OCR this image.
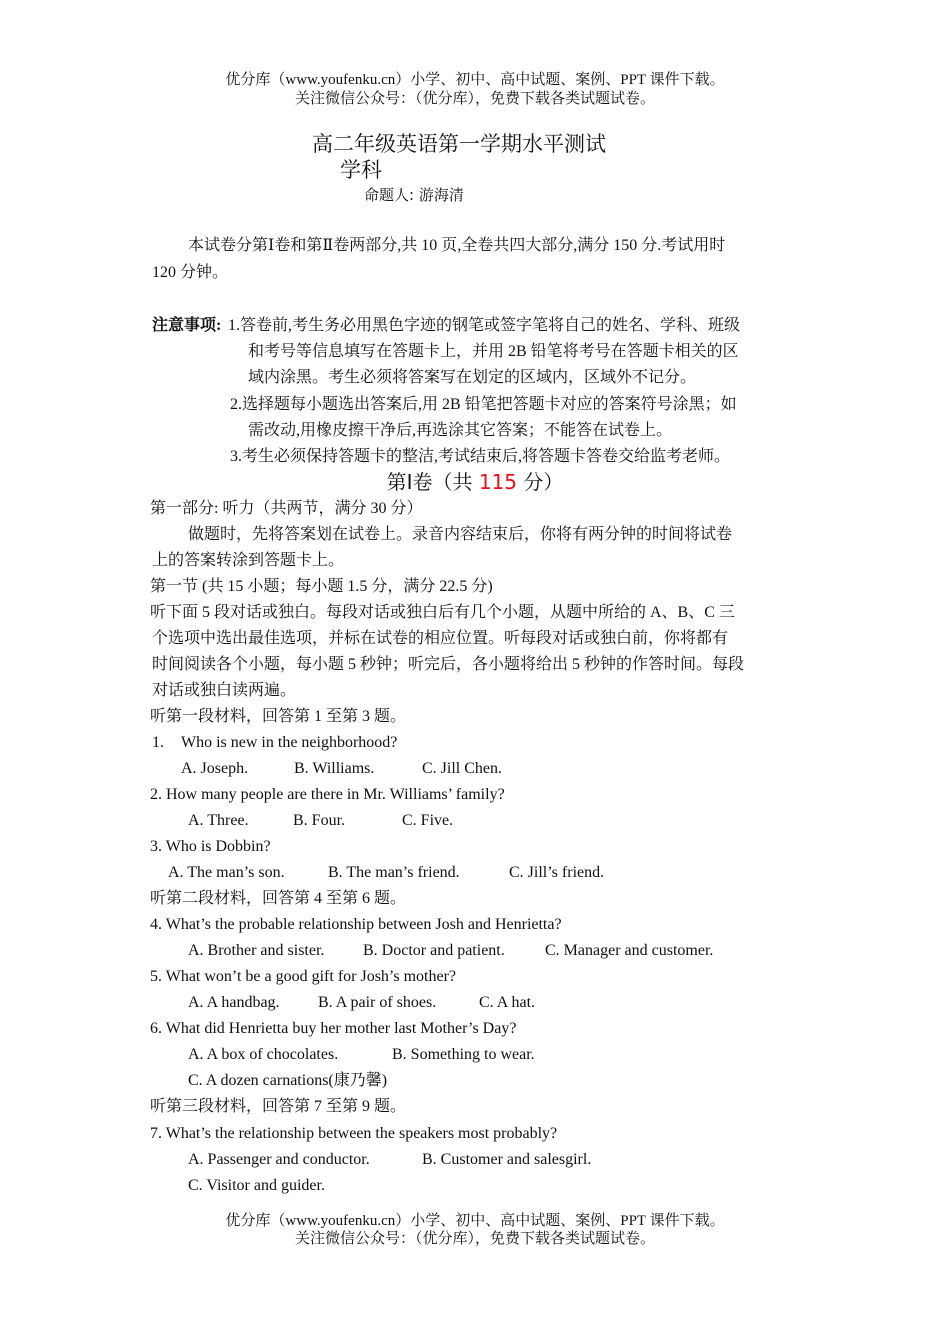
优分库（www.youfenku.cn）小学、初中、高中试题、案例、PPT 课件下载。
关注微信公众号：（优分库），免费下载各类试题试卷。
高二年级英语第一学期水平测试
学科
命题人: 游海清
本试卷分第Ⅰ卷和第Ⅱ卷两部分,共 10 页,全卷共四大部分,满分 150 分.考试用时
120 分钟。
注意事项: 1.答卷前,考生务必用黑色字迹的钢笔或签字笔将自己的姓名、学科、班级
和考号等信息填写在答题卡上，并用 2B 铅笔将考号在答题卡相关的区
域内涂黑。考生必须将答案写在划定的区域内，区域外不记分。
2.选择题每小题选出答案后,用 2B 铅笔把答题卡对应的答案符号涂黑；如
需改动,用橡皮擦干净后,再选涂其它答案；不能答在试卷上。
3.考生必须保持答题卡的整洁,考试结束后,将答题卡答卷交给监考老师。
第Ⅰ卷（共 115 分）
第一部分: 听力（共两节，满分 30 分）
做题时，先将答案划在试卷上。录音内容结束后，你将有两分钟的时间将试卷
上的答案转涂到答题卡上。
第一节 (共 15 小题；每小题 1.5 分，满分 22.5 分)
听下面 5 段对话或独白。每段对话或独白后有几个小题，从题中所给的 A、B、C 三
个选项中选出最佳选项，并标在试卷的相应位置。听每段对话或独白前，你将都有
时间阅读各个小题，每小题 5 秒钟；听完后，各小题将给出 5 秒钟的作答时间。每段
对话或独白读两遍。
听第一段材料，回答第 1 至第 3 题。
1. Who is new in the neighborhood?
A. Joseph.	B. Williams.	C. Jill Chen.
2. How many people are there in Mr. Williams’ family?
A. Three.	B. Four.	C. Five.
3. Who is Dobbin?
A. The man’s son.	B. The man’s friend.	C. Jill’s friend.
听第二段材料，回答第 4 至第 6 题。
4. What’s the probable relationship between Josh and Henrietta?
A. Brother and sister. B. Doctor and patient.	C. Manager and customer.
5. What won’t be a good gift for Josh’s mother?
A. A handbag. B. A pair of shoes.	C. A hat.
6. What did Henrietta buy her mother last Mother’s Day?
A. A box of chocolates.	B. Something to wear.
C. A dozen carnations(康乃馨)
听第三段材料，回答第 7 至第 9 题。
7. What’s the relationship between the speakers most probably?
A. Passenger and conductor.	B. Customer and salesgirl.
C. Visitor and guider.
优分库（www.youfenku.cn）小学、初中、高中试题、案例、PPT 课件下载。
关注微信公众号：（优分库），免费下载各类试题试卷。
